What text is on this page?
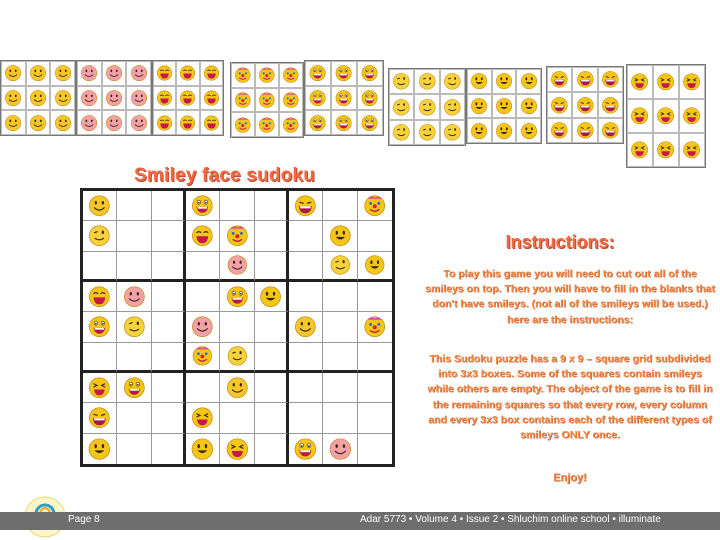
Smiley face sudoku
Instructions:

To play this game you will need to cut out all of the smileys on top. Then you will have to fill in the blanks that don't have smileys. (not all of the smileys will be used.) here are the instructions:

This Sudoku puzzle has a 9 x 9 – square grid subdivided into 3x3 boxes. Some of the squares contain smileys while others are empty. The object of the game is to fill in the remaining squares so that every row, every column and every 3x3 box contains each of the different types of smileys ONLY once.

Enjoy!

Page 8	Adar 5773 • Volume 4 • Issue 2 • Shluchim online school • illuminate
